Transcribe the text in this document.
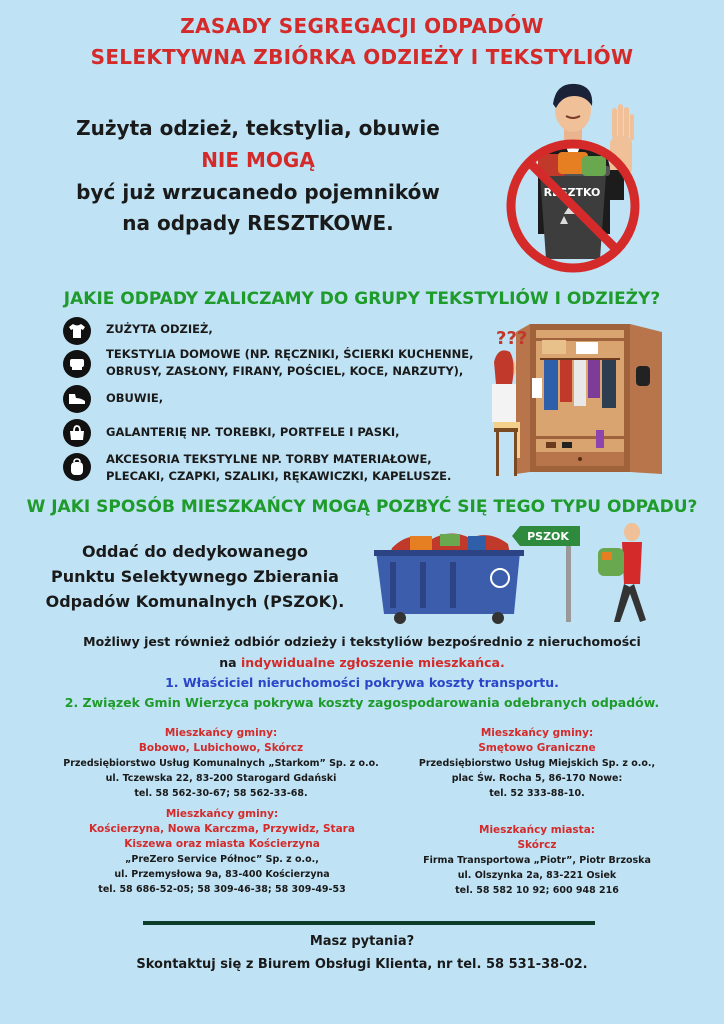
ZASADY SEGREGACJI ODPADÓW
SELEKTYWNA ZBIÓRKA ODZIEŻY I TEKSTYLIÓW
Zużyta odzież, tekstylia, obuwie
NIE MOGĄ
być już wrzucanedo pojemników
na odpady RESZTKOWE.
RESZTKO
JAKIE ODPADY ZALICZAMY DO GRUPY TEKSTYLIÓW I ODZIEŻY?
ZUŻYTA ODZIEŻ,
TEKSTYLIA DOMOWE (NP. RĘCZNIKI, ŚCIERKI KUCHENNE,
OBRUSY, ZASŁONY, FIRANY, POŚCIEL, KOCE, NARZUTY),
OBUWIE,
GALANTERIĘ NP. TOREBKI, PORTFELE I PASKI,
AKCESORIA TEKSTYLNE NP. TORBY MATERIAŁOWE,
PLECAKI, CZAPKI, SZALIKI, RĘKAWICZKI, KAPELUSZE.
???
W JAKI SPOSÓB MIESZKAŃCY MOGĄ POZBYĆ SIĘ TEGO TYPU ODPADU?
Oddać do dedykowanego
Punktu Selektywnego Zbierania
Odpadów Komunalnych (PSZOK).
PSZOK
Możliwy jest również odbiór odzieży i tekstyliów bezpośrednio z nieruchomości
na indywidualne zgłoszenie mieszkańca.
1. Właściciel nieruchomości pokrywa koszty transportu.
2. Związek Gmin Wierzyca pokrywa koszty zagospodarowania odebranych odpadów.
Mieszkańcy gminy:
Bobowo, Lubichowo, Skórcz
Przedsiębiorstwo Usług Komunalnych „Starkom” Sp. z o.o.
ul. Tczewska 22, 83-200 Starogard Gdański
tel. 58 562-30-67; 58 562-33-68.
Mieszkańcy gminy:
Smętowo Graniczne
Przedsiębiorstwo Usług Miejskich Sp. z o.o.,
plac Św. Rocha 5, 86-170 Nowe:
tel. 52 333-88-10.
Mieszkańcy gminy:
Kościerzyna, Nowa Karczma, Przywidz, Stara
Kiszewa oraz miasta Kościerzyna
„PreZero Service Północ” Sp. z o.o.,
ul. Przemysłowa 9a, 83-400 Kościerzyna
tel. 58 686-52-05; 58 309-46-38; 58 309-49-53
Mieszkańcy miasta:
Skórcz
Firma Transportowa „Piotr”, Piotr Brzoska
ul. Olszynka 2a, 83-221 Osiek
tel. 58 582 10 92; 600 948 216
Masz pytania?
Skontaktuj się z Biurem Obsługi Klienta, nr tel. 58 531-38-02.
